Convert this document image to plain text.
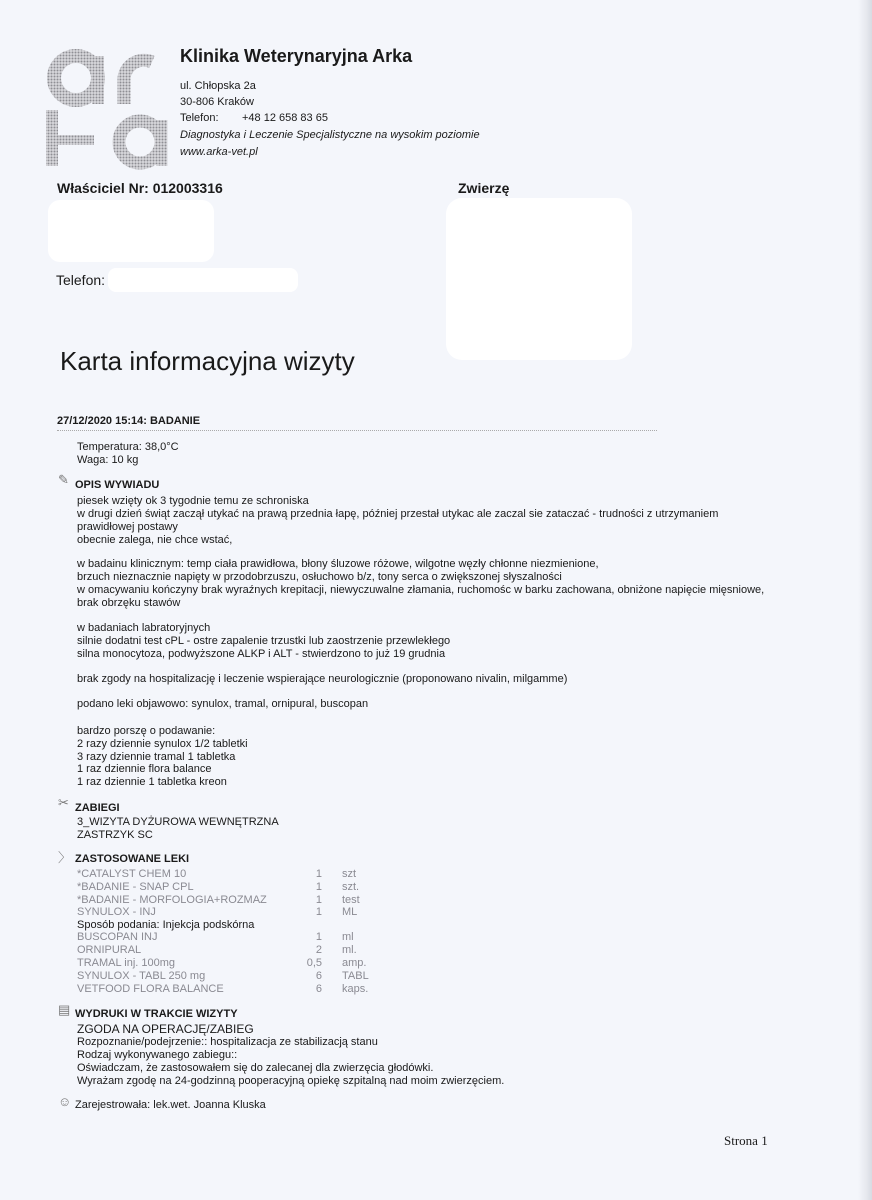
Klinika Weterynaryjna Arka
ul. Chłopska 2a
30-806 Kraków
Telefon: +48 12 658 83 65
Diagnostyka i Leczenie Specjalistyczne na wysokim poziomie
www.arka-vet.pl
Właściciel Nr: 012003316	Zwierzę
Telefon:
Karta informacyjna wizyty
27/12/2020 15:14: BADANIE
Temperatura: 38,0°C
Waga: 10 kg
✎ OPIS WYWIADU
piesek wzięty ok 3 tygodnie temu ze schroniska
w drugi dzień świąt zaczął utykać na prawą przednia łapę, później przestał utykac ale zaczal sie zataczać - trudności z utrzymaniem
prawidłowej postawy
obecnie zalega, nie chce wstać,
w badainu klinicznym: temp ciała prawidłowa, błony śluzowe różowe, wilgotne węzły chłonne niezmienione,
brzuch nieznacznie napięty w przodobrzuszu, osłuchowo b/z, tony serca o zwiększonej słyszalności
w omacywaniu kończyny brak wyraźnych krepitacji, niewyczuwalne złamania, ruchomośc w barku zachowana, obniżone napięcie mięsniowe,
brak obrzęku stawów
w badaniach labratoryjnych
silnie dodatni test cPL - ostre zapalenie trzustki lub zaostrzenie przewlekłego
silna monocytoza, podwyższone ALKP i ALT - stwierdzono to już 19 grudnia
brak zgody na hospitalizację i leczenie wspierające neurologicznie (proponowano nivalin, milgamme)
podano leki objawowo: synulox, tramal, ornipural, buscopan
bardzo porszę o podawanie:
2 razy dziennie synulox 1/2 tabletki
3 razy dziennie tramal 1 tabletka
1 raz dziennie flora balance
1 raz dziennie 1 tabletka kreon
✂ ZABIEGI
3_WIZYTA DYŻUROWA WEWNĘTRZNA
ZASTRZYK SC
〉 ZASTOSOWANE LEKI
*CATALYST CHEM 10	1 szt
*BADANIE - SNAP CPL	1 szt.
*BADANIE - MORFOLOGIA+ROZMAZ	1 test
SYNULOX - INJ	1 ML
Sposób podania: Injekcja podskórna
BUSCOPAN INJ	1 ml
ORNIPURAL	2 ml.
TRAMAL inj. 100mg	0,5 amp.
SYNULOX - TABL 250 mg	6 TABL
VETFOOD FLORA BALANCE	6 kaps.
▤ WYDRUKI W TRAKCIE WIZYTY
ZGODA NA OPERACJĘ/ZABIEG
Rozpoznanie/podejrzenie:: hospitalizacja ze stabilizacją stanu
Rodzaj wykonywanego zabiegu::
Oświadczam, że zastosowałem się do zalecanej dla zwierzęcia głodówki.
Wyrażam zgodę na 24-godzinną pooperacyjną opiekę szpitalną nad moim zwierzęciem.
☺ Zarejestrowała: lek.wet. Joanna Kluska
Strona 1
